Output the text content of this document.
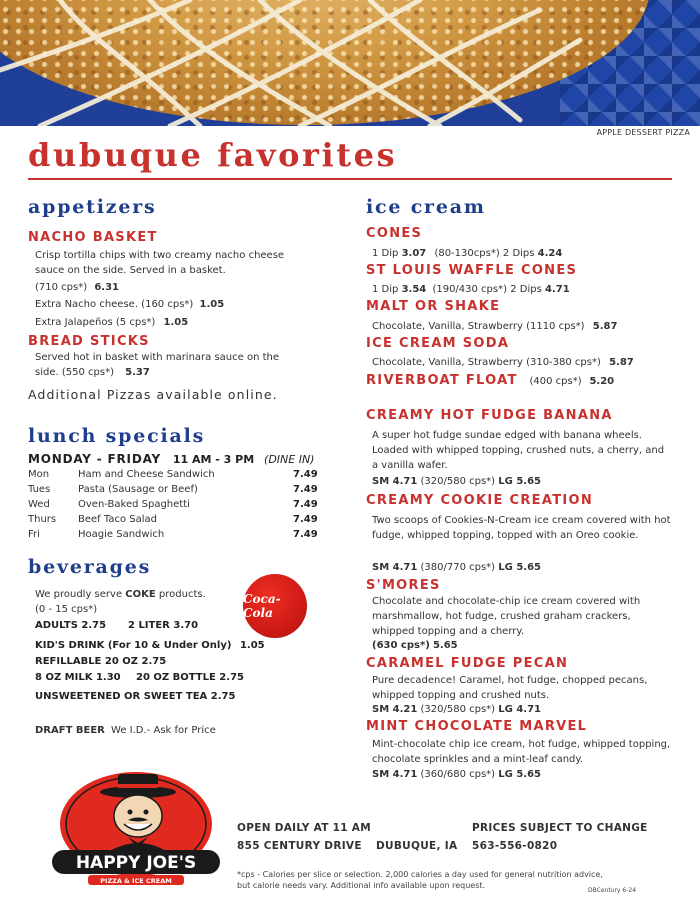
APPLE DESSERT PIZZA
dubuque favorites
appetizers
NACHO BASKET
Crisp tortilla chips with two creamy nacho cheese
sauce on the side. Served in a basket.
(710 cps*) 6.31
Extra Nacho cheese. (160 cps*) 1.05
Extra Jalapeños (5 cps*) 1.05
BREAD STICKS
Served hot in basket with marinara sauce on the
side. (550 cps*) 5.37
Additional Pizzas available online.
lunch specials
MONDAY - FRIDAY 11 AM - 3 PM (DINE IN)
Mon	Ham and Cheese Sandwich	7.49
Tues	Pasta (Sausage or Beef)	7.49
Wed	Oven-Baked Spaghetti	7.49
Thurs Beef Taco Salad	7.49
Fri	Hoagie Sandwich	7.49
beverages
We proudly serve COKE products.
(0 - 15 cps*)
Coca-Cola
ADULTS 2.75 2 LITER 3.70
KID'S DRINK (For 10 & Under Only) 1.05
REFILLABLE 20 OZ 2.75
8 OZ MILK 1.30 20 OZ BOTTLE 2.75
UNSWEETENED OR SWEET TEA 2.75
DRAFT BEER We I.D.- Ask for Price
ice cream
CONES
1 Dip 3.07 (80-130cps*) 2 Dips 4.24
ST LOUIS WAFFLE CONES
1 Dip 3.54 (190/430 cps*) 2 Dips 4.71
MALT OR SHAKE
Chocolate, Vanilla, Strawberry (1110 cps*) 5.87
ICE CREAM SODA
Chocolate, Vanilla, Strawberry (310-380 cps*) 5.87
RIVERBOAT FLOAT (400 cps*) 5.20
CREAMY HOT FUDGE BANANA
A super hot fudge sundae edged with banana wheels. Loaded with whipped topping, crushed nuts, a cherry, and a vanilla wafer.
SM 4.71 (320/580 cps*) LG 5.65
CREAMY COOKIE CREATION
Two scoops of Cookies-N-Cream ice cream covered with hot fudge, whipped topping, topped with an Oreo cookie.
SM 4.71 (380/770 cps*) LG 5.65
S'MORES
Chocolate and chocolate-chip ice cream covered with marshmallow, hot fudge, crushed graham crackers, whipped topping and a cherry.
(630 cps*) 5.65
CARAMEL FUDGE PECAN
Pure decadence! Caramel, hot fudge, chopped pecans, whipped topping and crushed nuts.
SM 4.21 (320/580 cps*) LG 4.71
MINT CHOCOLATE MARVEL
Mint-chocolate chip ice cream, hot fudge, whipped topping, chocolate sprinkles and a mint-leaf candy.
SM 4.71 (360/680 cps*) LG 5.65
HAPPY JOE'S
PIZZA & ICE CREAM
OPEN DAILY AT 11 AM
855 CENTURY DRIVE DUBUQUE, IA
PRICES SUBJECT TO CHANGE
563-556-0820
*cps - Calories per slice or selection. 2,000 calories a day used for general nutrition advice,
but calorie needs vary. Additional info available upon request.
DBCentury 6-24
